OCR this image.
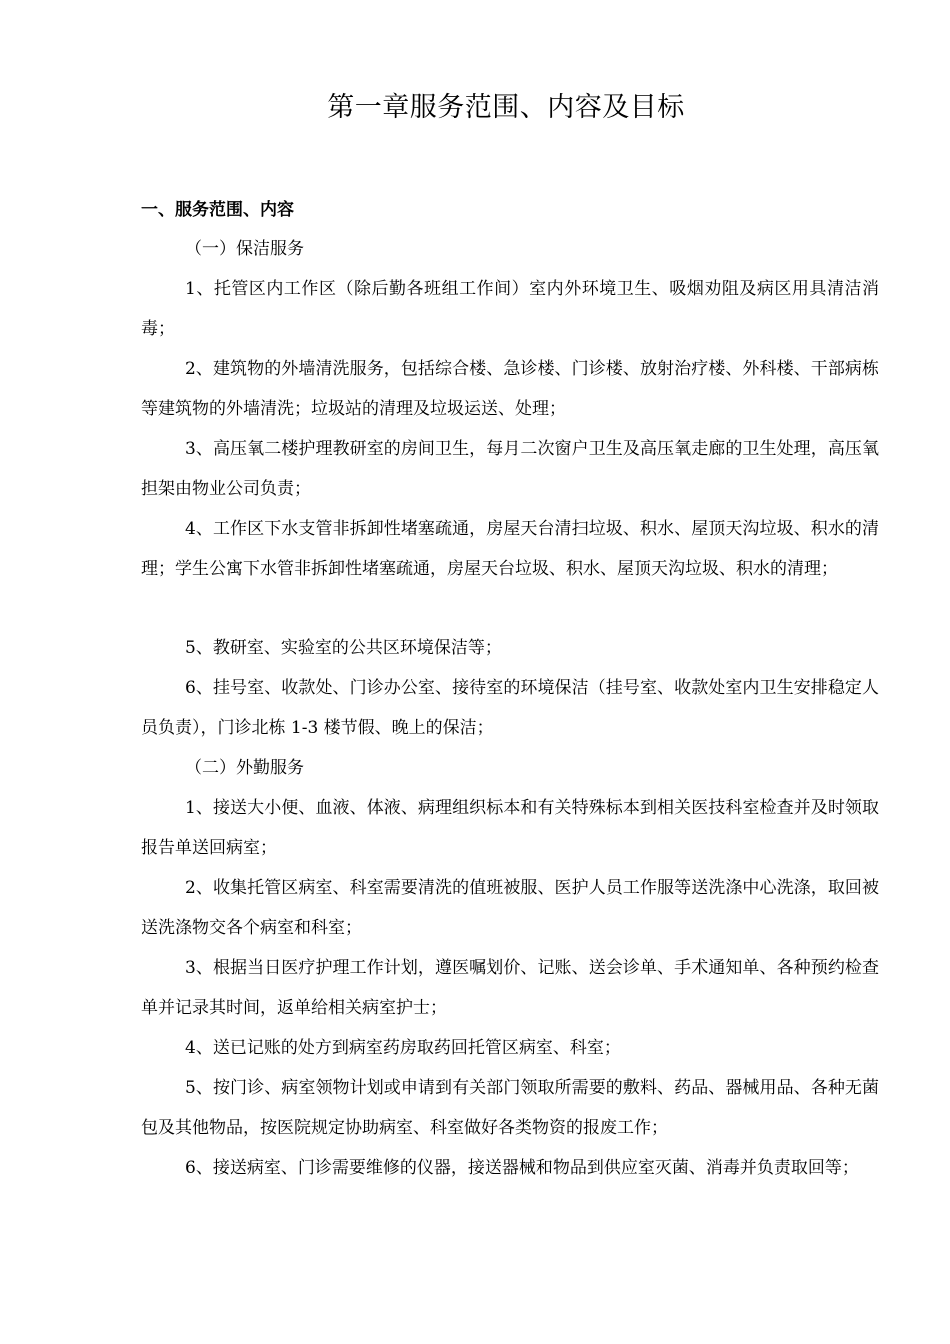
第一章服务范围、内容及目标
一、服务范围、内容
（一）保洁服务
1、托管区内工作区（除后勤各班组工作间）室内外环境卫生、吸烟劝阻及病区用具清洁消毒；
2、建筑物的外墙清洗服务，包括综合楼、急诊楼、门诊楼、放射治疗楼、外科楼、干部病栋等建筑物的外墙清洗；垃圾站的清理及垃圾运送、处理；
3、高压氧二楼护理教研室的房间卫生，每月二次窗户卫生及高压氧走廊的卫生处理，高压氧担架由物业公司负责；
4、工作区下水支管非拆卸性堵塞疏通，房屋天台清扫垃圾、积水、屋顶天沟垃圾、积水的清理；学生公寓下水管非拆卸性堵塞疏通，房屋天台垃圾、积水、屋顶天沟垃圾、积水的清理；
5、教研室、实验室的公共区环境保洁等；
6、挂号室、收款处、门诊办公室、接待室的环境保洁（挂号室、收款处室内卫生安排稳定人员负责），门诊北栋 1-3 楼节假、晚上的保洁；
（二）外勤服务
1、接送大小便、血液、体液、病理组织标本和有关特殊标本到相关医技科室检查并及时领取报告单送回病室；
2、收集托管区病室、科室需要清洗的值班被服、医护人员工作服等送洗涤中心洗涤，取回被送洗涤物交各个病室和科室；
3、根据当日医疗护理工作计划，遵医嘱划价、记账、送会诊单、手术通知单、各种预约检查单并记录其时间，返单给相关病室护士；
4、送已记账的处方到病室药房取药回托管区病室、科室；
5、按门诊、病室领物计划或申请到有关部门领取所需要的敷料、药品、器械用品、各种无菌包及其他物品，按医院规定协助病室、科室做好各类物资的报废工作；
6、接送病室、门诊需要维修的仪器，接送器械和物品到供应室灭菌、消毒并负责取回等；
